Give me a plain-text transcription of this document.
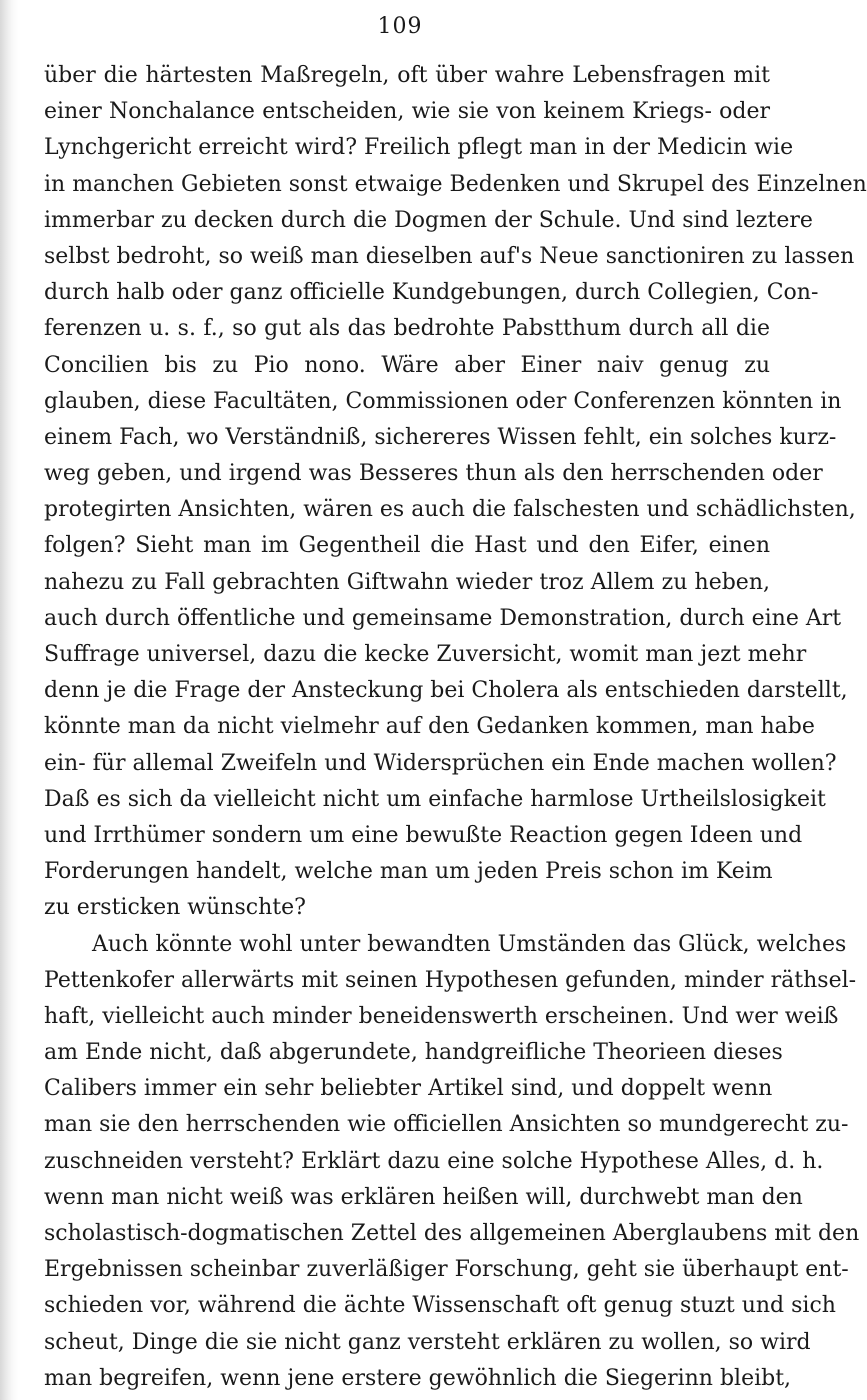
109
über die härtesten Maßregeln, oft über wahre Lebensfragen mit
einer Nonchalance entscheiden, wie sie von keinem Kriegs- oder
Lynchgericht erreicht wird? Freilich pflegt man in der Medicin wie
in manchen Gebieten sonst etwaige Bedenken und Skrupel des Einzelnen
immerbar zu decken durch die Dogmen der Schule. Und sind leztere
selbst bedroht, so weiß man dieselben auf's Neue sanctioniren zu lassen
durch halb oder ganz officielle Kundgebungen, durch Collegien, Con-
ferenzen u. s. f., so gut als das bedrohte Pabstthum durch all die
Concilien bis zu Pio nono. Wäre aber Einer naiv genug zu
glauben, diese Facultäten, Commissionen oder Conferenzen könnten in
einem Fach, wo Verständniß, sichereres Wissen fehlt, ein solches kurz-
weg geben, und irgend was Besseres thun als den herrschenden oder
protegirten Ansichten, wären es auch die falschesten und schädlichsten,
folgen? Sieht man im Gegentheil die Hast und den Eifer, einen
nahezu zu Fall gebrachten Giftwahn wieder troz Allem zu heben,
auch durch öffentliche und gemeinsame Demonstration, durch eine Art
Suffrage universel, dazu die kecke Zuversicht, womit man jezt mehr
denn je die Frage der Ansteckung bei Cholera als entschieden darstellt,
könnte man da nicht vielmehr auf den Gedanken kommen, man habe
ein- für allemal Zweifeln und Widersprüchen ein Ende machen wollen?
Daß es sich da vielleicht nicht um einfache harmlose Urtheilslosigkeit
und Irrthümer sondern um eine bewußte Reaction gegen Ideen und
Forderungen handelt, welche man um jeden Preis schon im Keim
zu ersticken wünschte?
Auch könnte wohl unter bewandten Umständen das Glück, welches
Pettenkofer allerwärts mit seinen Hypothesen gefunden, minder räthsel-
haft, vielleicht auch minder beneidenswerth erscheinen. Und wer weiß
am Ende nicht, daß abgerundete, handgreifliche Theorieen dieses
Calibers immer ein sehr beliebter Artikel sind, und doppelt wenn
man sie den herrschenden wie officiellen Ansichten so mundgerecht zu-
zuschneiden versteht? Erklärt dazu eine solche Hypothese Alles, d. h.
wenn man nicht weiß was erklären heißen will, durchwebt man den
scholastisch-dogmatischen Zettel des allgemeinen Aberglaubens mit den
Ergebnissen scheinbar zuverläßiger Forschung, geht sie überhaupt ent-
schieden vor, während die ächte Wissenschaft oft genug stuzt und sich
scheut, Dinge die sie nicht ganz versteht erklären zu wollen, so wird
man begreifen, wenn jene erstere gewöhnlich die Siegerinn bleibt,
